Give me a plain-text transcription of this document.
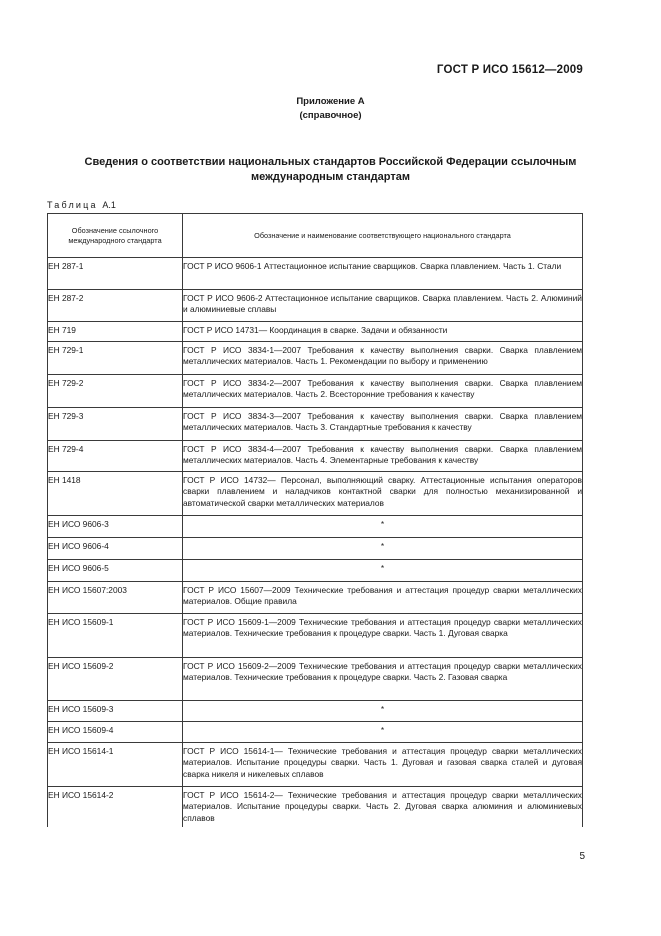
ГОСТ Р ИСО 15612—2009
Приложение А
(справочное)
Сведения о соответствии национальных стандартов Российской Федерации ссылочным
международным стандартам
Таблица А.1
Обозначение ссылочного международного стандарта	Обозначение и наименование соответствующего национального стандарта
ЕН 287-1	ГОСТ Р ИСО 9606-1 Аттестационное испытание сварщиков. Сварка плавлением. Часть 1. Стали
ЕН 287-2	ГОСТ Р ИСО 9606-2 Аттестационное испытание сварщиков. Сварка плавлением. Часть 2. Алюминий и алюминиевые сплавы
ЕН 719	ГОСТ Р ИСО 14731— Координация в сварке. Задачи и обязанности
ЕН 729-1	ГОСТ Р ИСО 3834-1—2007 Требования к качеству выполнения сварки. Сварка плавлением металлических материалов. Часть 1. Рекомендации по выбору и применению
ЕН 729-2	ГОСТ Р ИСО 3834-2—2007 Требования к качеству выполнения сварки. Сварка плавлением металлических материалов. Часть 2. Всесторонние требования к качеству
ЕН 729-3	ГОСТ Р ИСО 3834-3—2007 Требования к качеству выполнения сварки. Сварка плавлением металлических материалов. Часть 3. Стандартные требования к качеству
ЕН 729-4	ГОСТ Р ИСО 3834-4—2007 Требования к качеству выполнения сварки. Сварка плавлением металлических материалов. Часть 4. Элементарные требования к качеству
ЕН 1418	ГОСТ Р ИСО 14732— Персонал, выполняющий сварку. Аттестационные испытания операторов сварки плавлением и наладчиков контактной сварки для полностью механизированной и автоматической сварки металлических материалов
ЕН ИСО 9606-3	*
ЕН ИСО 9606-4	*
ЕН ИСО 9606-5	*
ЕН ИСО 15607:2003	ГОСТ Р ИСО 15607—2009 Технические требования и аттестация процедур сварки металлических материалов. Общие правила
ЕН ИСО 15609-1	ГОСТ Р ИСО 15609-1—2009 Технические требования и аттестация процедур сварки металлических материалов. Технические требования к процедуре сварки. Часть 1. Дуговая сварка
ЕН ИСО 15609-2	ГОСТ Р ИСО 15609-2—2009 Технические требования и аттестация процедур сварки металлических материалов. Технические требования к процедуре сварки. Часть 2. Газовая сварка
ЕН ИСО 15609-3	*
ЕН ИСО 15609-4	*
ЕН ИСО 15614-1	ГОСТ Р ИСО 15614-1— Технические требования и аттестация процедур сварки металлических материалов. Испытание процедуры сварки. Часть 1. Дуговая и газовая сварка сталей и дуговая сварка никеля и никелевых сплавов
ЕН ИСО 15614-2	ГОСТ Р ИСО 15614-2— Технические требования и аттестация процедур сварки металлических материалов. Испытание процедуры сварки. Часть 2. Дуговая сварка алюминия и алюминиевых сплавов
5
